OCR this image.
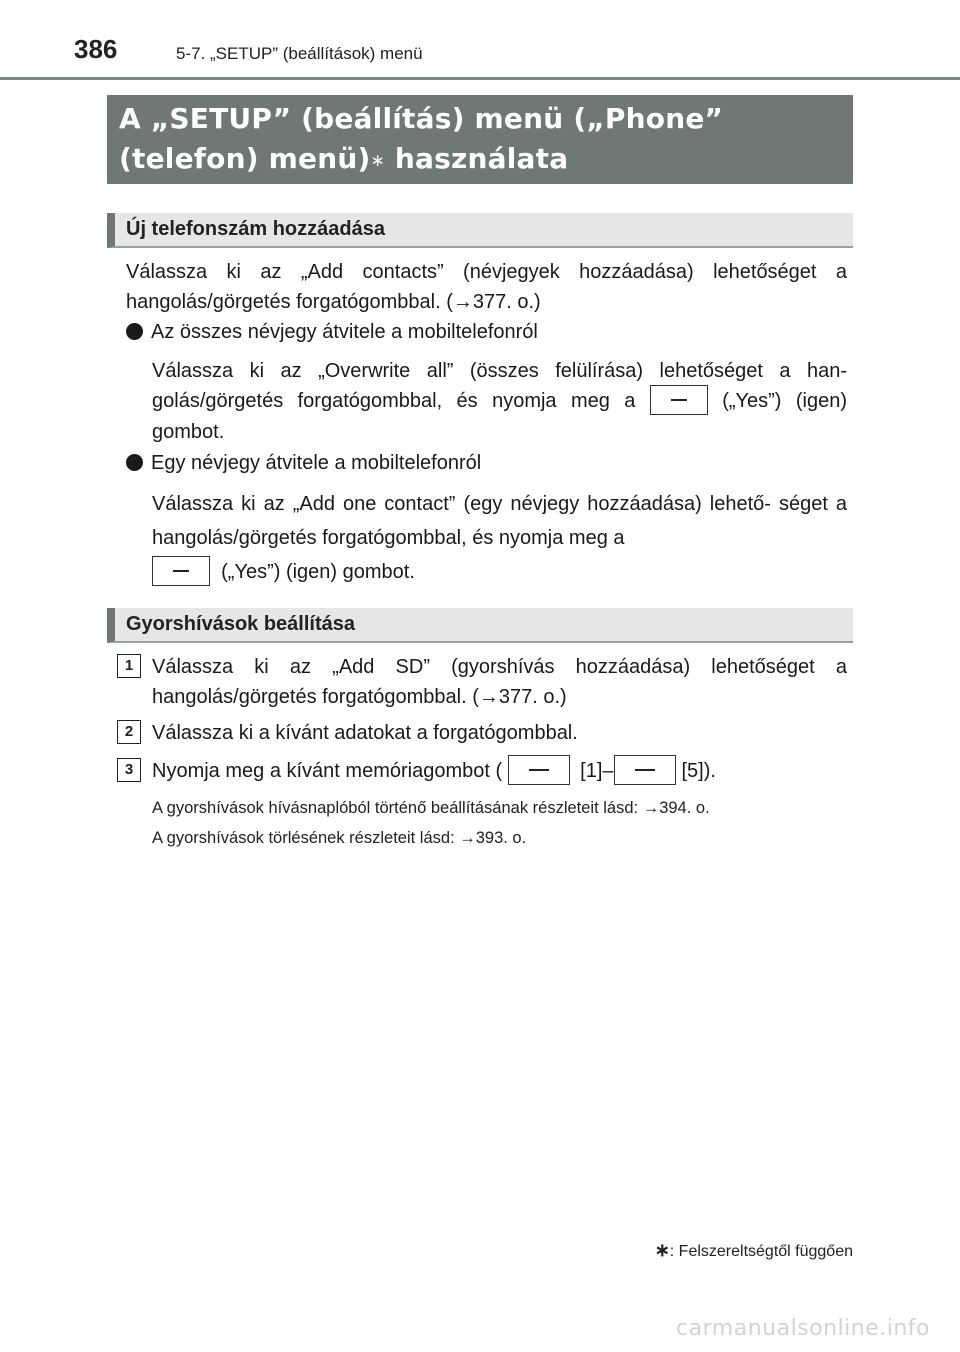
386	5-7. „SETUP” (beállítások) menü
A „SETUP” (beállítás) menü („Phone”
(telefon) menü)∗ használata
Új telefonszám hozzáadása

Válassza ki az „Add contacts” (névjegyek hozzáadása) lehetőséget a hangolás/görgetés forgatógombbal. (→377. o.)

Az összes névjegy átvitele a mobiltelefonról

Válassza ki az „Overwrite all” (összes felülírása) lehetőséget a han- golás/görgetés forgatógombbal, és nyomja meg a	(„Yes”) (igen) gombot.

Egy névjegy átvitele a mobiltelefonról

Válassza ki az „Add one contact” (egy névjegy hozzáadása) lehető- séget a hangolás/görgetés forgatógombbal, és nyomja meg a
(„Yes”) (igen) gombot.

Gyorshívások beállítása
1 Válassza ki az „Add SD” (gyorshívás hozzáadása) lehetőséget a hangolás/görgetés forgatógombbal. (→377. o.)

2 Válassza ki a kívánt adatokat a forgatógombbal.

3 Nyomja meg a kívánt memóriagombot (	[1]–	[5]).

A gyorshívások hívásnaplóból történő beállításának részleteit lásd: →394. o.
A gyorshívások törlésének részleteit lásd: →393. o.
∗: Felszereltségtől függően
carmanualsonline.info
